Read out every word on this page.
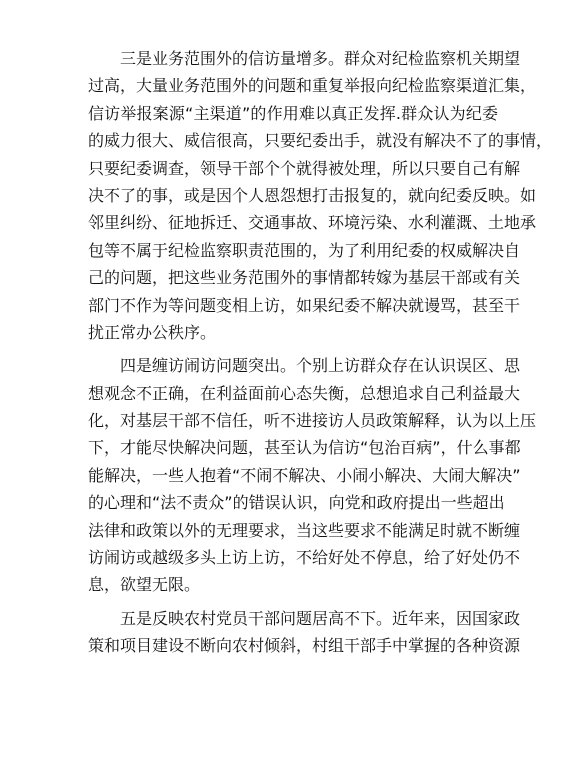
三是业务范围外的信访量增多。群众对纪检监察机关期望
过高，大量业务范围外的问题和重复举报向纪检监察渠道汇集，
信访举报案源“主渠道”的作用难以真正发挥.群众认为纪委
的威力很大、威信很高，只要纪委出手，就没有解决不了的事情，
只要纪委调查，领导干部个个就得被处理，所以只要自己有解
决不了的事，或是因个人恩怨想打击报复的，就向纪委反映。如
邻里纠纷、征地拆迁、交通事故、环境污染、水利灌溉、土地承
包等不属于纪检监察职责范围的，为了利用纪委的权威解决自
己的问题，把这些业务范围外的事情都转嫁为基层干部或有关
部门不作为等问题变相上访，如果纪委不解决就谩骂，甚至干
扰正常办公秩序。
四是缠访闹访问题突出。个别上访群众存在认识误区、思
想观念不正确，在利益面前心态失衡，总想追求自己利益最大
化，对基层干部不信任，听不进接访人员政策解释，认为以上压
下，才能尽快解决问题，甚至认为信访“包治百病”，什么事都
能解决，一些人抱着“不闹不解决、小闹小解决、大闹大解决”
的心理和“法不责众”的错误认识，向党和政府提出一些超出
法律和政策以外的无理要求，当这些要求不能满足时就不断缠
访闹访或越级多头上访上访，不给好处不停息，给了好处仍不
息，欲望无限。
五是反映农村党员干部问题居高不下。近年来，因国家政
策和项目建设不断向农村倾斜，村组干部手中掌握的各种资源
